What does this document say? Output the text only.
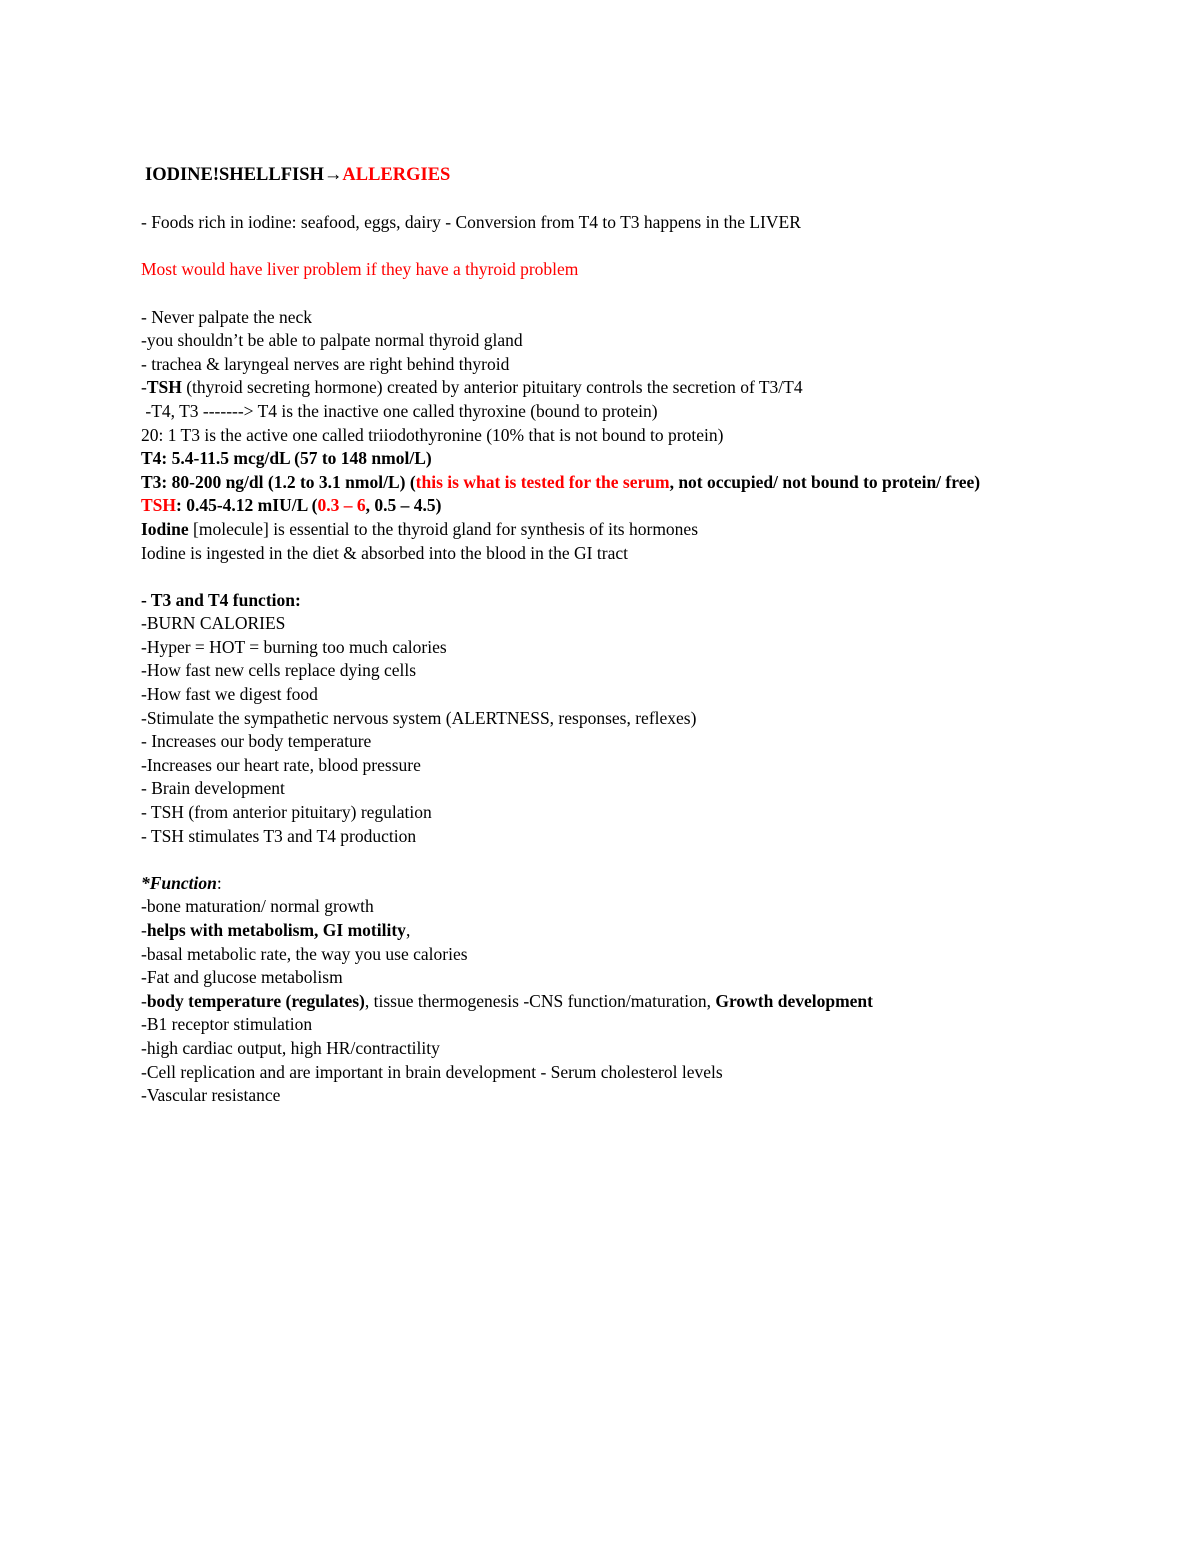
IODINE!SHELLFISH→ALLERGIES
- Foods rich in iodine: seafood, eggs, dairy - Conversion from T4 to T3 happens in the LIVER
Most would have liver problem if they have a thyroid problem
- Never palpate the neck
-you shouldn’t be able to palpate normal thyroid gland
- trachea & laryngeal nerves are right behind thyroid
-TSH (thyroid secreting hormone) created by anterior pituitary controls the secretion of T3/T4
-T4, T3 -------> T4 is the inactive one called thyroxine (bound to protein)
20: 1 T3 is the active one called triiodothyronine (10% that is not bound to protein)
T4: 5.4-11.5 mcg/dL (57 to 148 nmol/L)
T3: 80-200 ng/dl (1.2 to 3.1 nmol/L) (this is what is tested for the serum, not occupied/ not bound to protein/ free)
TSH: 0.45-4.12 mIU/L (0.3 – 6, 0.5 – 4.5)
Iodine [molecule] is essential to the thyroid gland for synthesis of its hormones
Iodine is ingested in the diet & absorbed into the blood in the GI tract
- T3 and T4 function:
-BURN CALORIES
-Hyper = HOT = burning too much calories
-How fast new cells replace dying cells
-How fast we digest food
-Stimulate the sympathetic nervous system (ALERTNESS, responses, reflexes)
- Increases our body temperature
-Increases our heart rate, blood pressure
- Brain development
- TSH (from anterior pituitary) regulation
- TSH stimulates T3 and T4 production
*Function:
-bone maturation/ normal growth
-helps with metabolism, GI motility,
-basal metabolic rate, the way you use calories
-Fat and glucose metabolism
-body temperature (regulates), tissue thermogenesis -CNS function/maturation, Growth development
-B1 receptor stimulation
-high cardiac output, high HR/contractility
-Cell replication and are important in brain development - Serum cholesterol levels
-Vascular resistance
